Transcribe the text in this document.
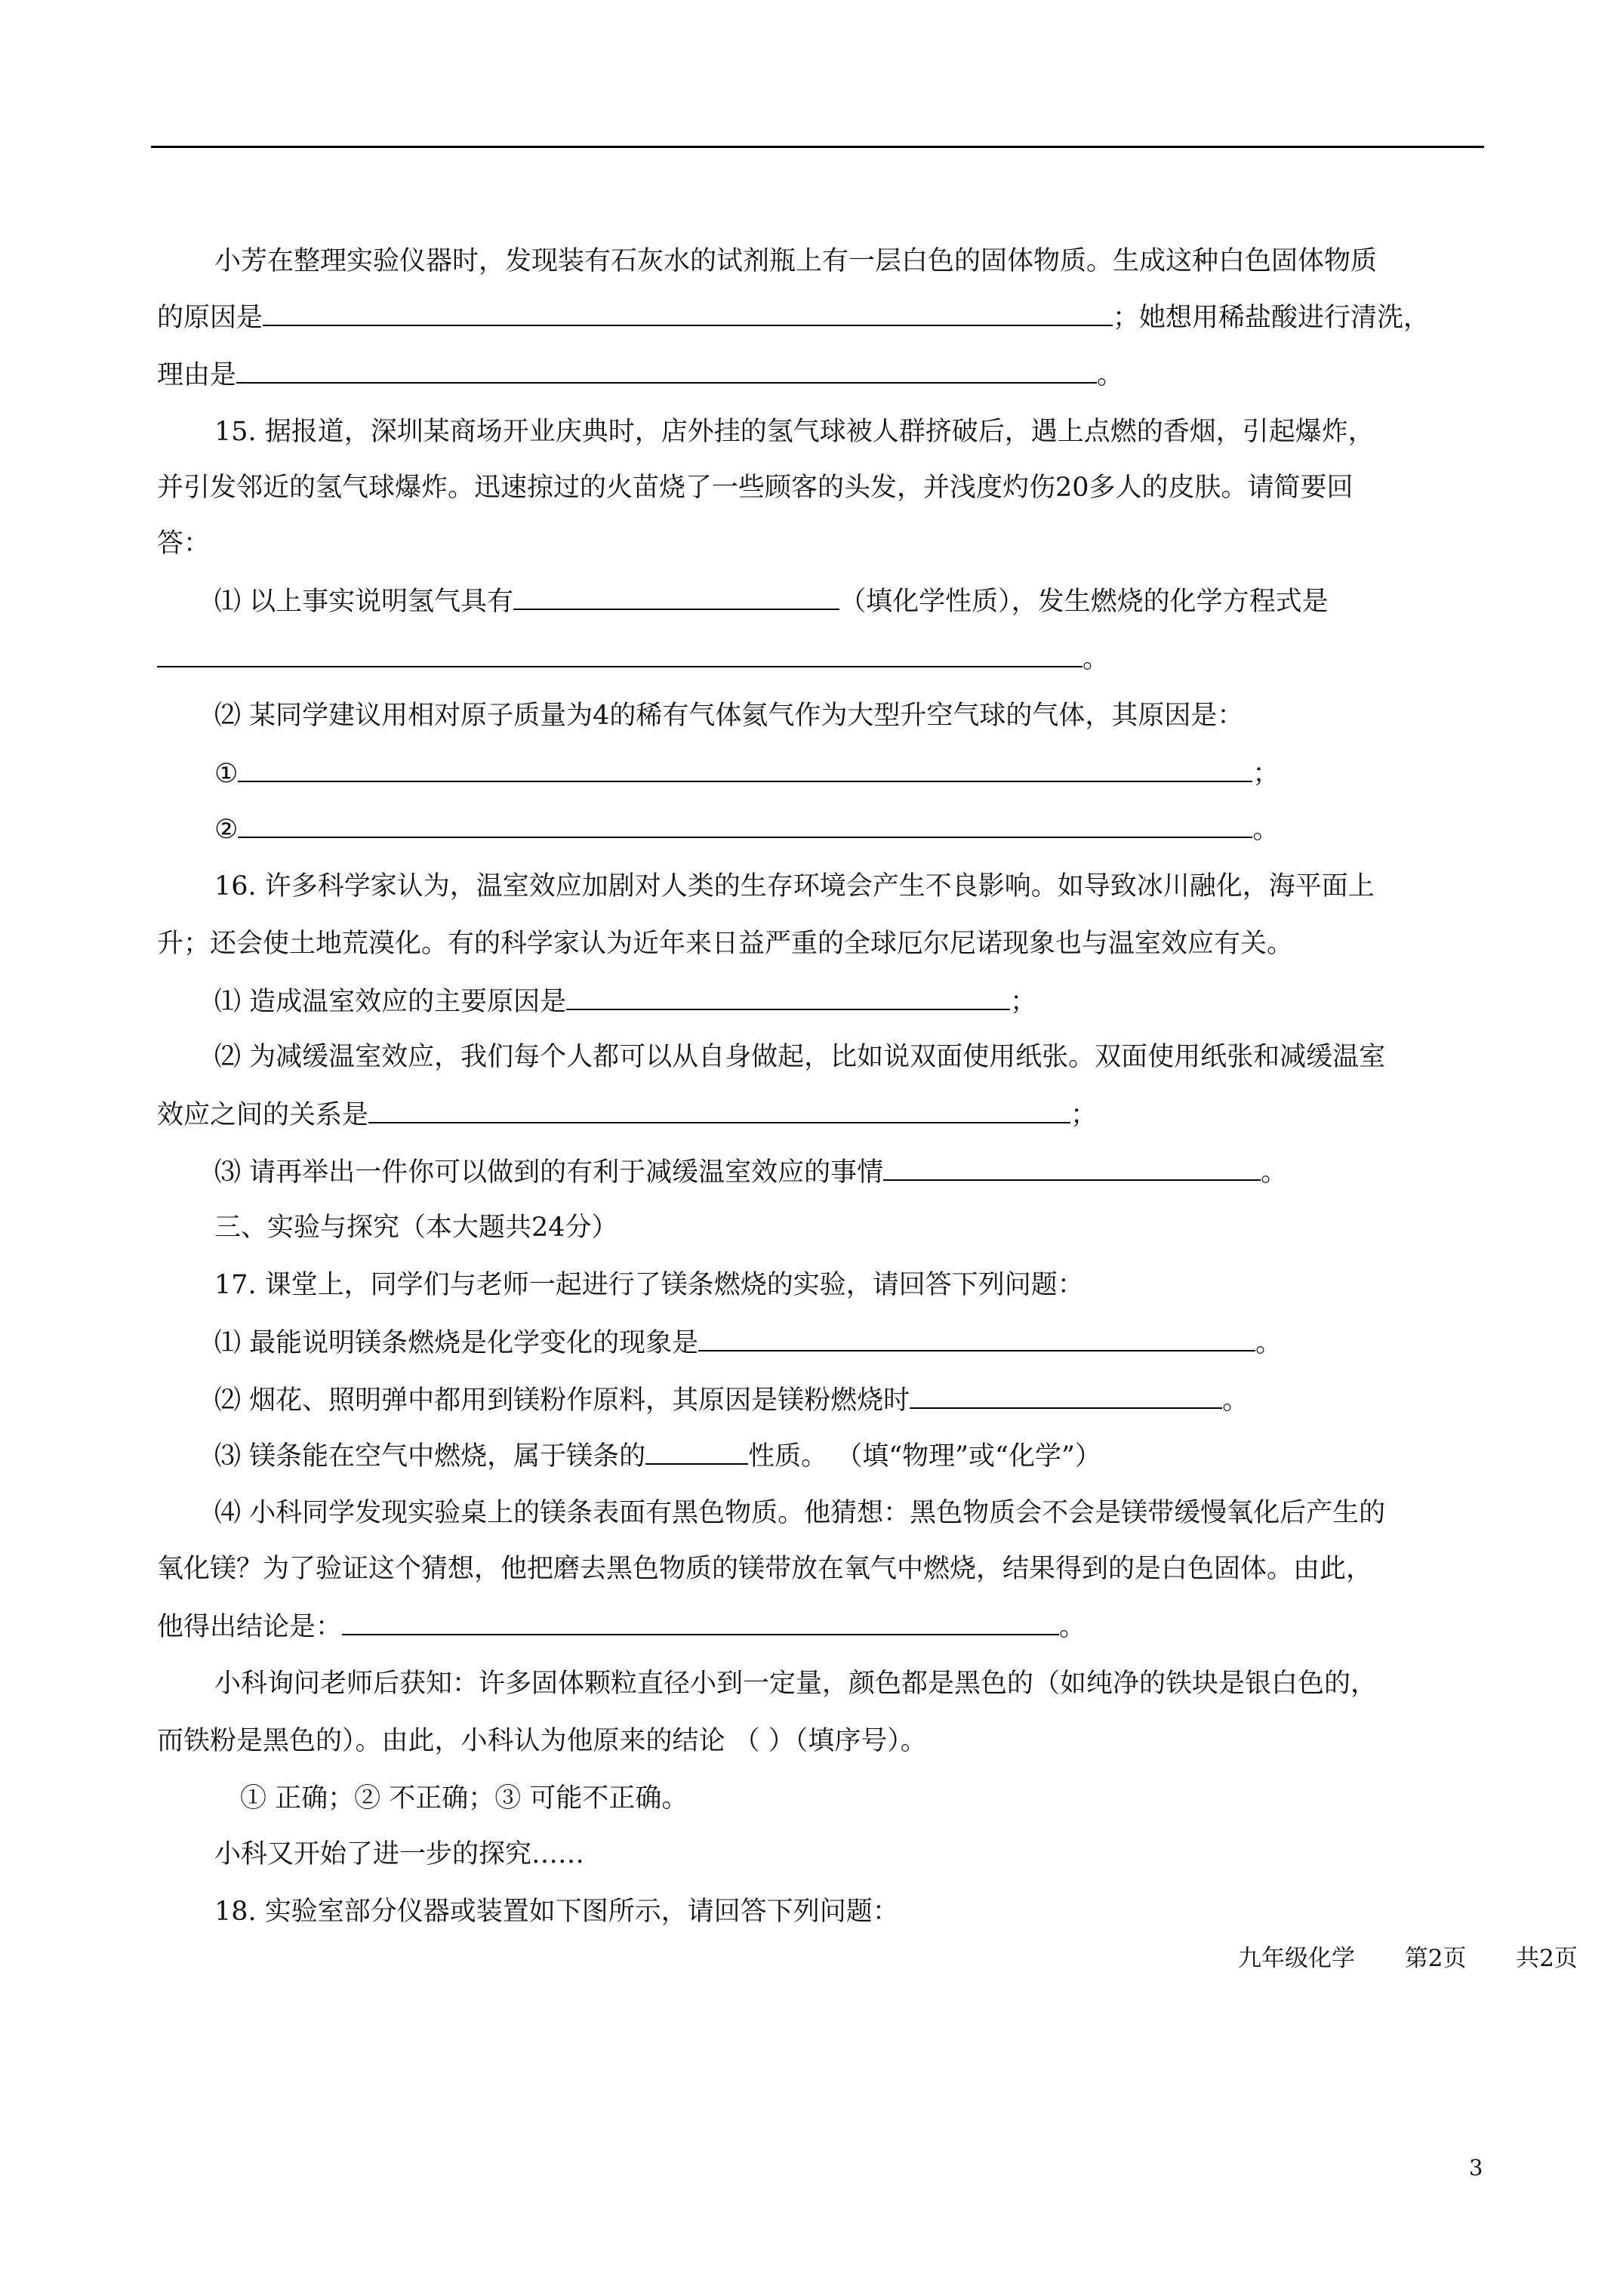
小芳在整理实验仪器时，发现装有石灰水的试剂瓶上有一层白色的固体物质。生成这种白色固体物质
的原因是	；她想用稀盐酸进行清洗，
理由是	。
15. 据报道，深圳某商场开业庆典时，店外挂的氢气球被人群挤破后，遇上点燃的香烟，引起爆炸，
并引发邻近的氢气球爆炸。迅速掠过的火苗烧了一些顾客的头发，并浅度灼伤20多人的皮肤。请简要回
答：
⑴ 以上事实说明氢气具有	（填化学性质），发生燃烧的化学方程式是
。
⑵ 某同学建议用相对原子质量为4的稀有气体氦气作为大型升空气球的气体，其原因是：
①	；
②	。
16. 许多科学家认为，温室效应加剧对人类的生存环境会产生不良影响。如导致冰川融化，海平面上
升；还会使土地荒漠化。有的科学家认为近年来日益严重的全球厄尔尼诺现象也与温室效应有关。
⑴ 造成温室效应的主要原因是	；
⑵ 为减缓温室效应，我们每个人都可以从自身做起，比如说双面使用纸张。双面使用纸张和减缓温室
效应之间的关系是	；
⑶ 请再举出一件你可以做到的有利于减缓温室效应的事情	。
三、实验与探究（本大题共24分）
17. 课堂上，同学们与老师一起进行了镁条燃烧的实验，请回答下列问题：
⑴ 最能说明镁条燃烧是化学变化的现象是	。
⑵ 烟花、照明弹中都用到镁粉作原料，其原因是镁粉燃烧时	。
⑶ 镁条能在空气中燃烧，属于镁条的	性质。 （填“物理”或“化学”）
⑷ 小科同学发现实验桌上的镁条表面有黑色物质。他猜想：黑色物质会不会是镁带缓慢氧化后产生的
氧化镁？为了验证这个猜想，他把磨去黑色物质的镁带放在氧气中燃烧，结果得到的是白色固体。由此，
他得出结论是：	。
小科询问老师后获知：许多固体颗粒直径小到一定量，颜色都是黑色的（如纯净的铁块是银白色的，
而铁粉是黑色的）。由此，小科认为他原来的结论 （ ）（填序号）。
① 正确；② 不正确；③ 可能不正确。
小科又开始了进一步的探究……
18. 实验室部分仪器或装置如下图所示，请回答下列问题：
九年级化学 第2页 共2页
3
